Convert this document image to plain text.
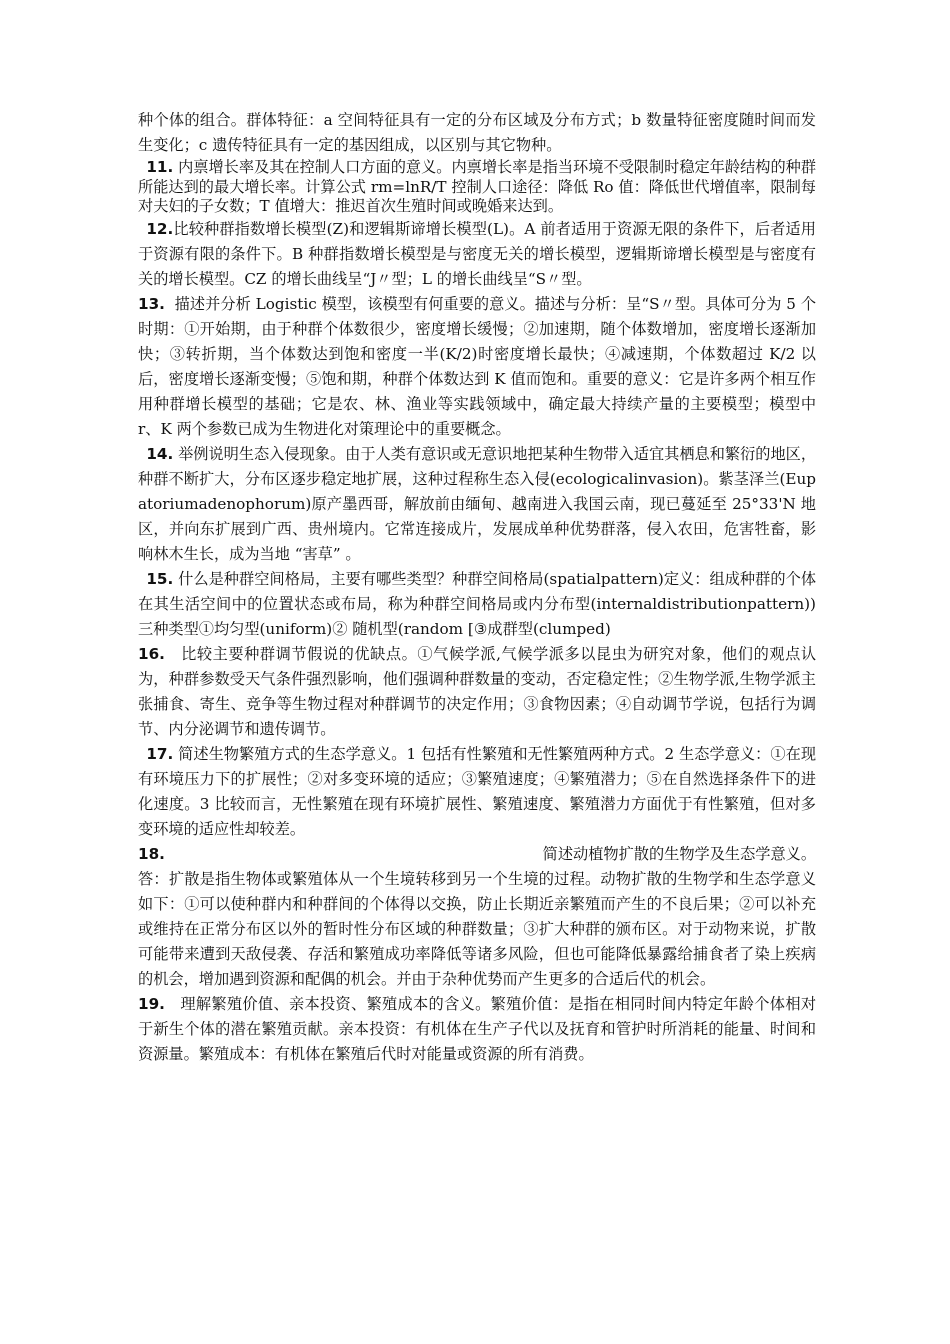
种个体的组合。群体特征：a 空间特征具有一定的分布区域及分布方式；b 数量特征密度随时间而发生变化；c 遗传特征具有一定的基因组成，以区别与其它物种。

11. 内禀增长率及其在控制人口方面的意义。内禀增长率是指当环境不受限制时稳定年龄结构的种群所能达到的最大增长率。计算公式 rm=lnR/T 控制人口途径：降低 Ro 值：降低世代增值率，限制每对夫妇的子女数；T 值增大：推迟首次生殖时间或晚婚来达到。

12.比较种群指数增长模型(Z)和逻辑斯谛增长模型(L)。A 前者适用于资源无限的条件下，后者适用于资源有限的条件下。B 种群指数增长模型是与密度无关的增长模型，逻辑斯谛增长模型是与密度有关的增长模型。CZ 的增长曲线呈“J〃型；L 的增长曲线呈“S〃型。

13. 描述并分析 Logistic 模型，该模型有何重要的意义。描述与分析：呈“S〃型。具体可分为 5 个时期：①开始期，由于种群个体数很少，密度增长缓慢；②加速期，随个体数增加，密度增长逐渐加快；③转折期，当个体数达到饱和密度一半(K/2)时密度增长最快；④减速期，个体数超过 K/2 以后，密度增长逐渐变慢；⑤饱和期，种群个体数达到 K 值而饱和。重要的意义：它是许多两个相互作用种群增长模型的基础；它是农、林、渔业等实践领域中，确定最大持续产量的主要模型；模型中 r、K 两个参数已成为生物进化对策理论中的重要概念。

14. 举例说明生态入侵现象。由于人类有意识或无意识地把某种生物带入适宜其栖息和繁衍的地区，种群不断扩大，分布区逐步稳定地扩展，这种过程称生态入侵(ecologicalinvasion)。紫茎泽兰(Eupatoriumadenophorum)原产墨西哥，解放前由缅甸、越南进入我国云南，现已蔓延至 25°33'N 地区，并向东扩展到广西、贵州境内。它常连接成片，发展成单种优势群落，侵入农田，危害牲畜，影响林木生长，成为当地 “害草” 。

15. 什么是种群空间格局，主要有哪些类型？种群空间格局(spatialpattern)定义：组成种群的个体在其生活空间中的位置状态或布局，称为种群空间格局或内分布型(internaldistributionpattern))三种类型①均匀型(uniform)② 随机型(random [③成群型(clumped)

16. 比较主要种群调节假说的优缺点。①气候学派,气候学派多以昆虫为研究对象，他们的观点认为，种群参数受天气条件强烈影响，他们强调种群数量的变动，否定稳定性；②生物学派,生物学派主张捕食、寄生、竞争等生物过程对种群调节的决定作用；③食物因素；④自动调节学说，包括行为调节、内分泌调节和遗传调节。

17. 简述生物繁殖方式的生态学意义。1 包括有性繁殖和无性繁殖两种方式。2 生态学意义：①在现有环境压力下的扩展性；②对多变环境的适应；③繁殖速度；④繁殖潜力；⑤在自然选择条件下的进化速度。3 比较而言，无性繁殖在现有环境扩展性、繁殖速度、繁殖潜力方面优于有性繁殖，但对多变环境的适应性却较差。

18.	简述动植物扩散的生物学及生态学意义。
答：扩散是指生物体或繁殖体从一个生境转移到另一个生境的过程。动物扩散的生物学和生态学意义如下：①可以使种群内和种群间的个体得以交换，防止长期近亲繁殖而产生的不良后果；②可以补充或维持在正常分布区以外的暂时性分布区域的种群数量；③扩大种群的颁布区。对于动物来说，扩散可能带来遭到天敌侵袭、存活和繁殖成功率降低等诸多风险，但也可能降低暴露给捕食者了染上疾病的机会，增加遇到资源和配偶的机会。并由于杂种优势而产生更多的合适后代的机会。

19. 理解繁殖价值、亲本投资、繁殖成本的含义。繁殖价值：是指在相同时间内特定年龄个体相对于新生个体的潜在繁殖贡献。亲本投资：有机体在生产子代以及抚育和管护时所消耗的能量、时间和资源量。繁殖成本：有机体在繁殖后代时对能量或资源的所有消费。
